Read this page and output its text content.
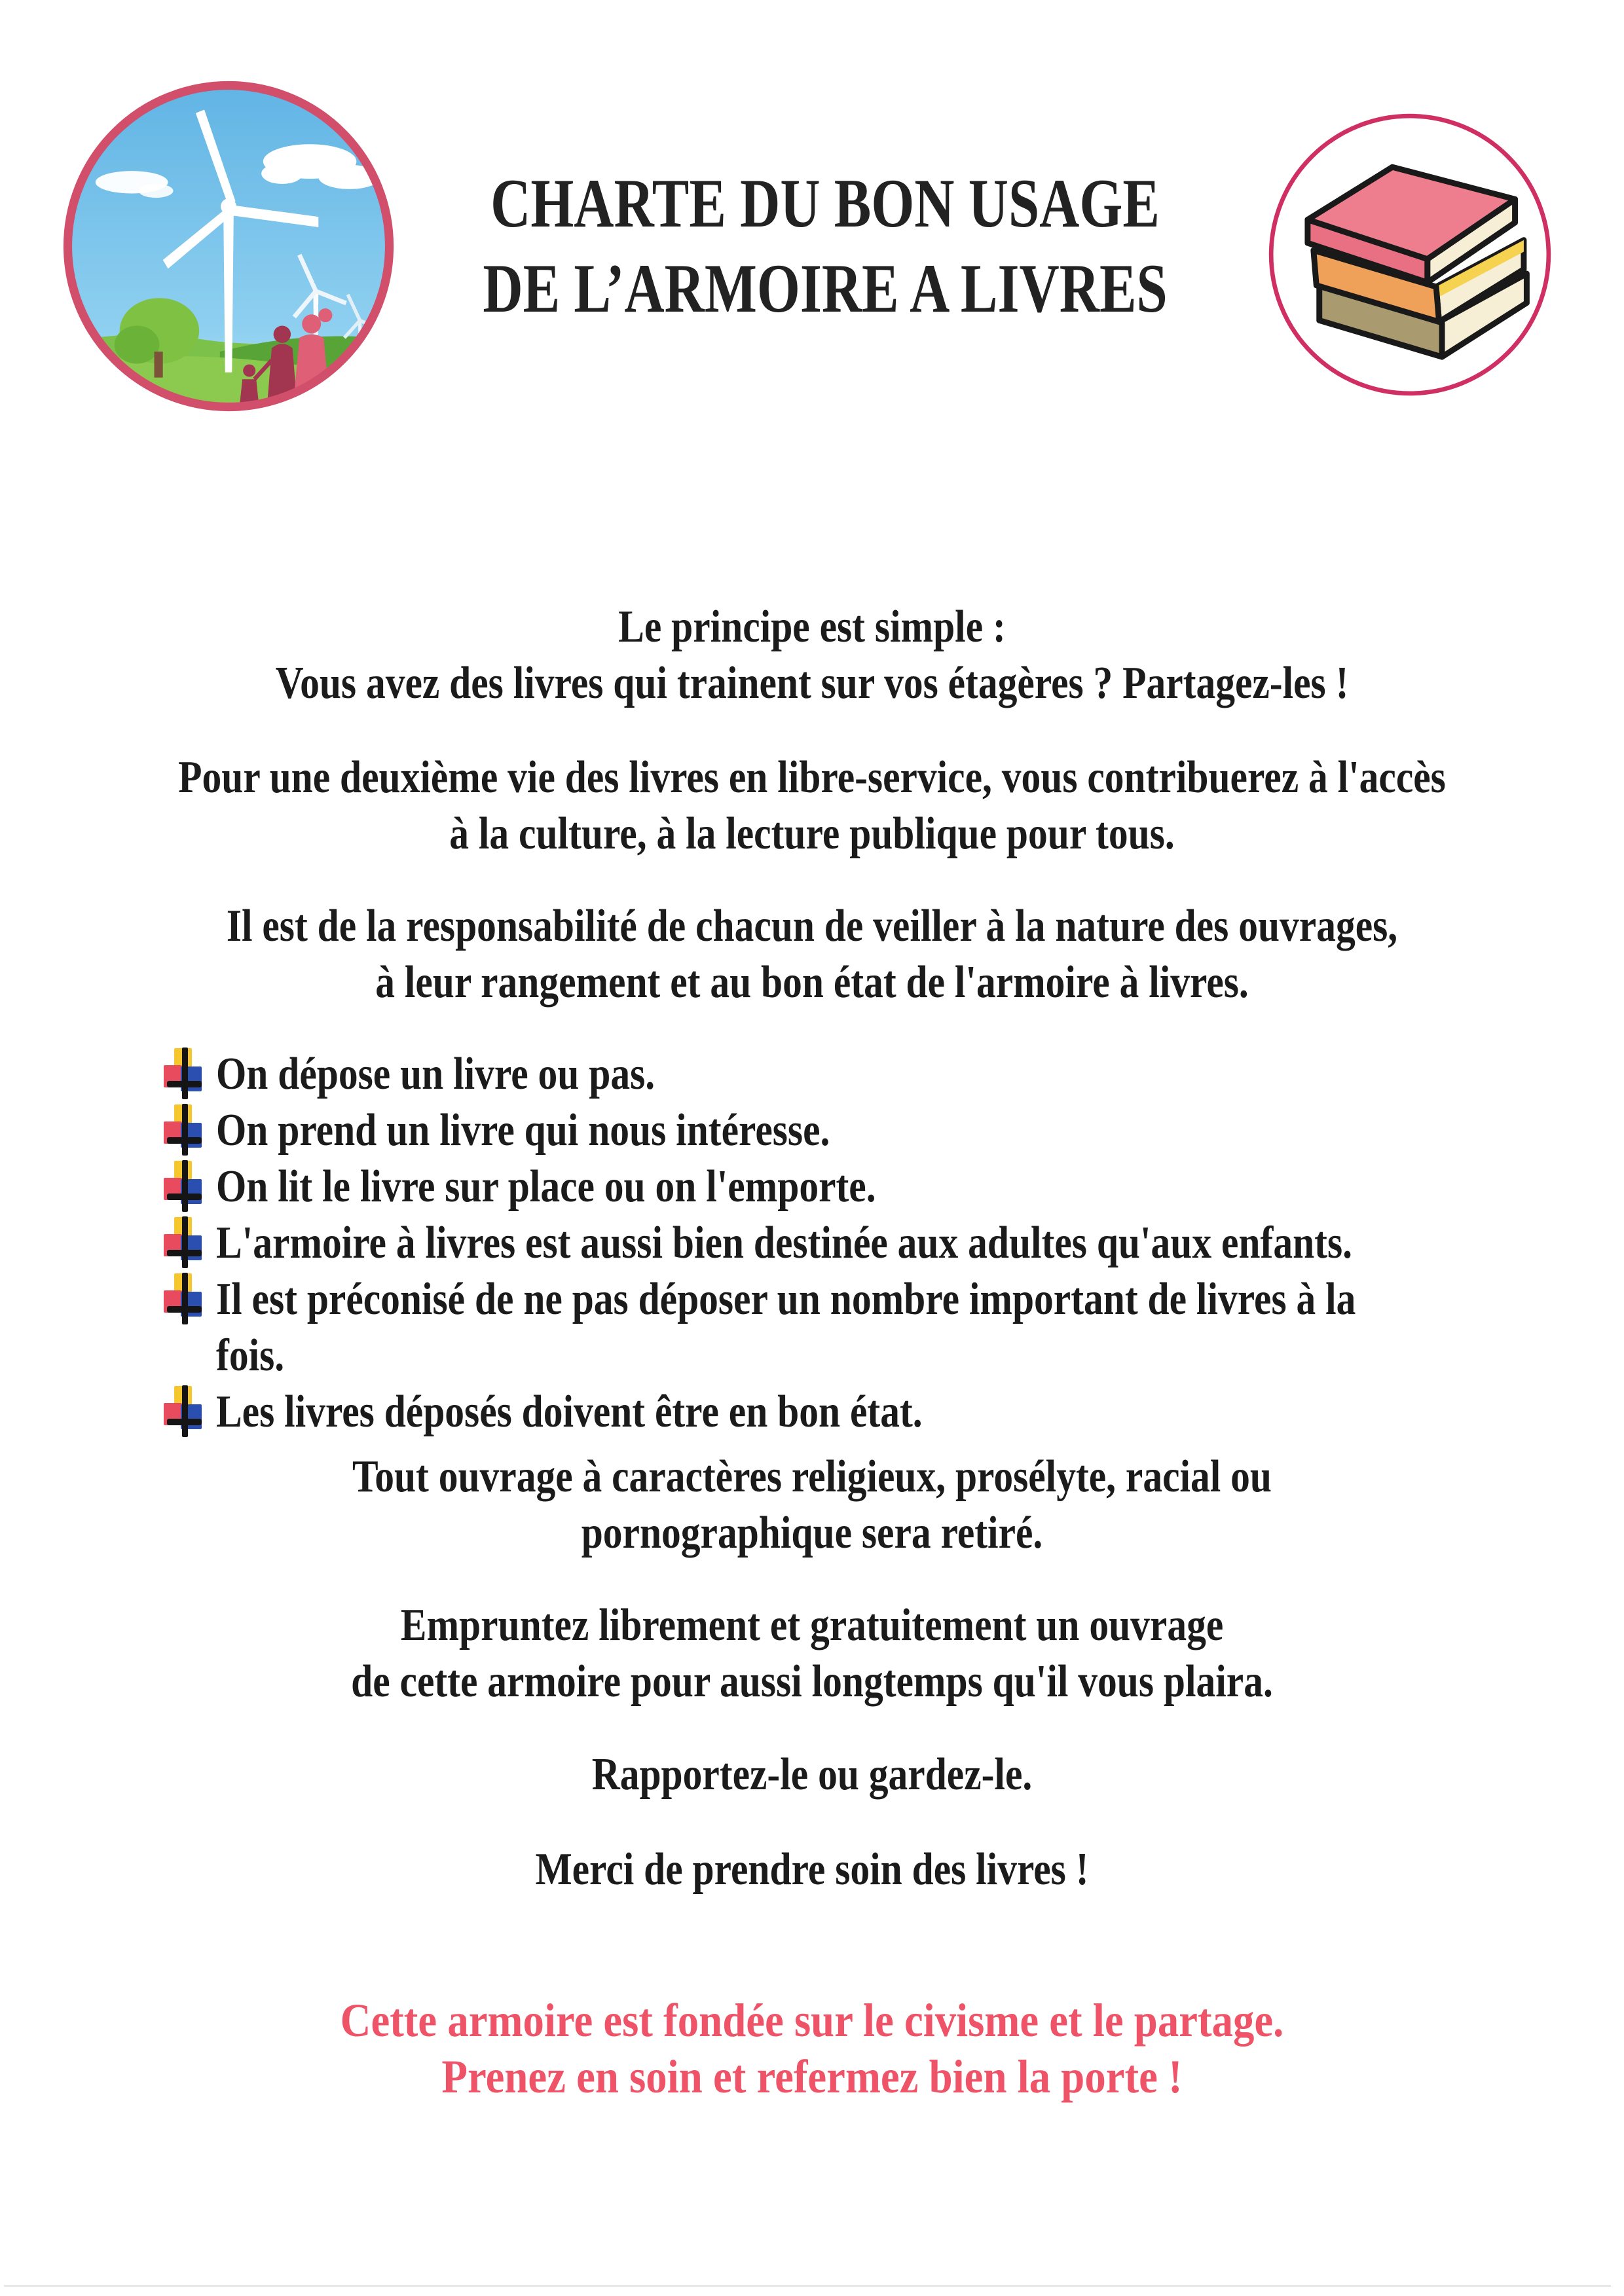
CHARTE DU BON USAGE
DE L’ARMOIRE A LIVRES
Le principe est simple :
Vous avez des livres qui trainent sur vos étagères ? Partagez-les !
Pour une deuxième vie des livres en libre-service, vous contribuerez à l'accès
à la culture, à la lecture publique pour tous.
Il est de la responsabilité de chacun de veiller à la nature des ouvrages,
à leur rangement et au bon état de l'armoire à livres.
On dépose un livre ou pas.
On prend un livre qui nous intéresse.
On lit le livre sur place ou on l'emporte.
L'armoire à livres est aussi bien destinée aux adultes qu'aux enfants.
Il est préconisé de ne pas déposer un nombre important de livres à la
fois.
Les livres déposés doivent être en bon état.
Tout ouvrage à caractères religieux, prosélyte, racial ou
pornographique sera retiré.
Empruntez librement et gratuitement un ouvrage
de cette armoire pour aussi longtemps qu'il vous plaira.
Rapportez-le ou gardez-le.
Merci de prendre soin des livres !
Cette armoire est fondée sur le civisme et le partage.
Prenez en soin et refermez bien la porte !
